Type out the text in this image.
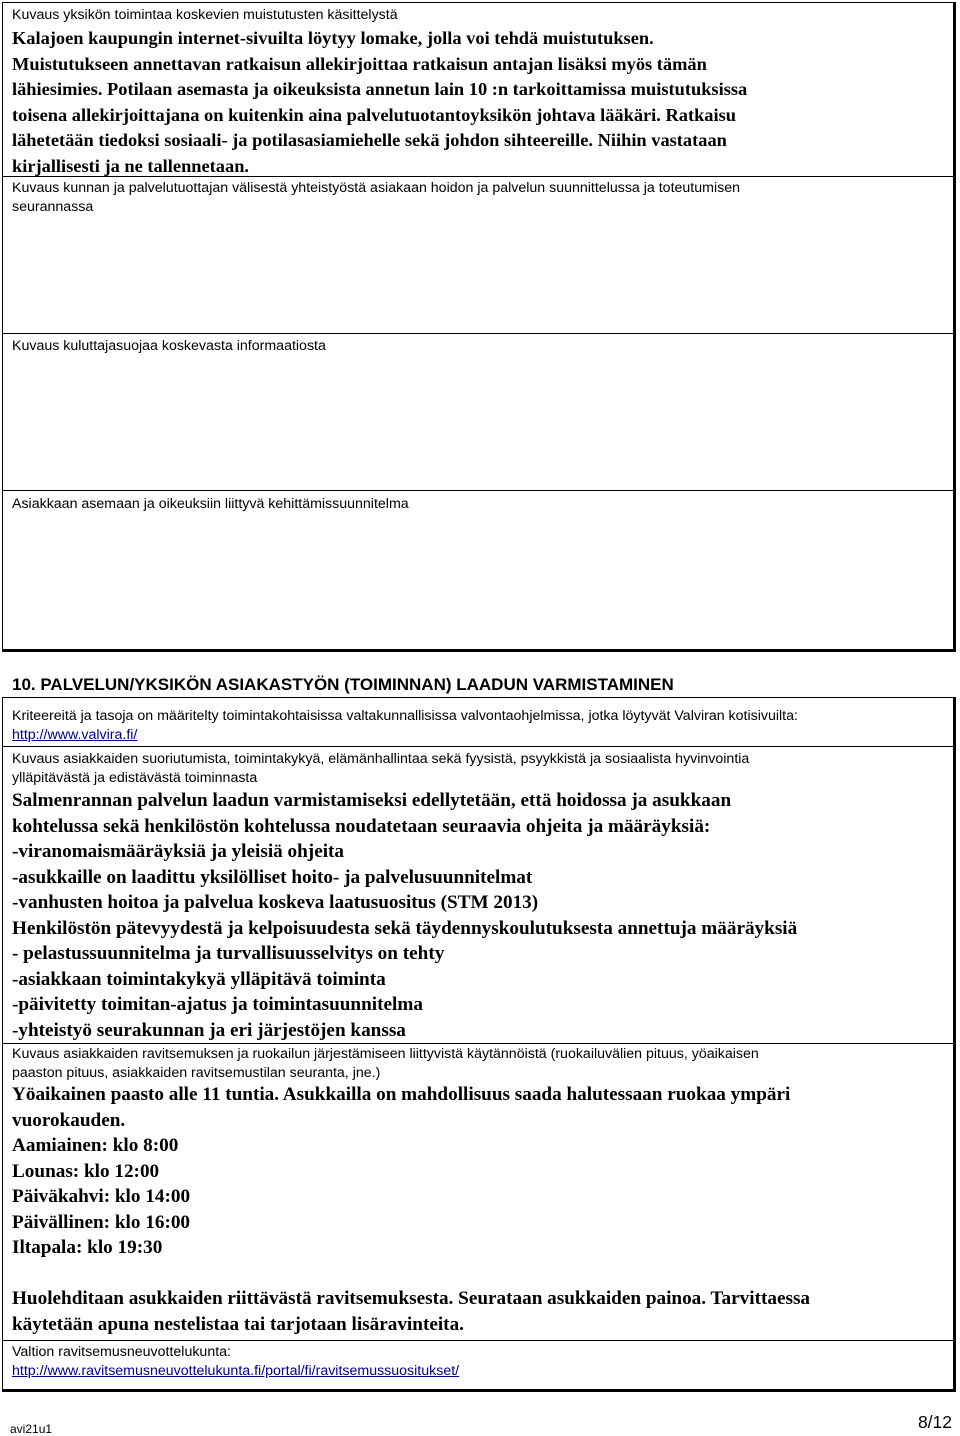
Kuvaus yksikön toimintaa koskevien muistutusten käsittelystä
Kalajoen kaupungin internet-sivuilta löytyy lomake, jolla voi tehdä muistutuksen.
Muistutukseen annettavan ratkaisun allekirjoittaa ratkaisun antajan lisäksi myös tämän
lähiesimies. Potilaan asemasta ja oikeuksista annetun lain 10 :n tarkoittamissa muistutuksissa
toisena allekirjoittajana on kuitenkin aina palvelutuotantoyksikön johtava lääkäri. Ratkaisu
lähetetään tiedoksi sosiaali- ja potilasasiamiehelle sekä johdon sihteereille. Niihin vastataan
kirjallisesti ja ne tallennetaan.
Kuvaus kunnan ja palvelutuottajan välisestä yhteistyöstä asiakaan hoidon ja palvelun suunnittelussa ja toteutumisen
seurannassa
Kuvaus kuluttajasuojaa koskevasta informaatiosta
Asiakkaan asemaan ja oikeuksiin liittyvä kehittämissuunnitelma
10. PALVELUN/YKSIKÖN ASIAKASTYÖN (TOIMINNAN) LAADUN VARMISTAMINEN
Kriteereitä ja tasoja on määritelty toimintakohtaisissa valtakunnallisissa valvontaohjelmissa, jotka löytyvät Valviran kotisivuilta:
http://www.valvira.fi/
Kuvaus asiakkaiden suoriutumista, toimintakykyä, elämänhallintaa sekä fyysistä, psyykkistä ja sosiaalista hyvinvointia
ylläpitävästä ja edistävästä toiminnasta
Salmenrannan palvelun laadun varmistamiseksi edellytetään, että hoidossa ja asukkaan
kohtelussa sekä henkilöstön kohtelussa noudatetaan seuraavia ohjeita ja määräyksiä:
-viranomaismääräyksiä ja yleisiä ohjeita
-asukkaille on laadittu yksilölliset hoito- ja palvelusuunnitelmat
-vanhusten hoitoa ja palvelua koskeva laatusuositus (STM 2013)
Henkilöstön pätevyydestä ja kelpoisuudesta sekä täydennyskoulutuksesta annettuja määräyksiä
- pelastussuunnitelma ja turvallisuusselvitys on tehty
-asiakkaan toimintakykyä ylläpitävä toiminta
-päivitetty toimitan-ajatus ja toimintasuunnitelma
-yhteistyö seurakunnan ja eri järjestöjen kanssa
Kuvaus asiakkaiden ravitsemuksen ja ruokailun järjestämiseen liittyvistä käytännöistä (ruokailuvälien pituus, yöaikaisen
paaston pituus, asiakkaiden ravitsemustilan seuranta, jne.)
Yöaikainen paasto alle 11 tuntia. Asukkailla on mahdollisuus saada halutessaan ruokaa ympäri
vuorokauden.
Aamiainen: klo 8:00
Lounas: klo 12:00
Päiväkahvi: klo 14:00
Päivällinen: klo 16:00
Iltapala: klo 19:30
Huolehditaan asukkaiden riittävästä ravitsemuksesta. Seurataan asukkaiden painoa. Tarvittaessa
käytetään apuna nestelistaa tai tarjotaan lisäravinteita.
Valtion ravitsemusneuvottelukunta:
http://www.ravitsemusneuvottelukunta.fi/portal/fi/ravitsemussuositukset/
avi21u1	8/12
